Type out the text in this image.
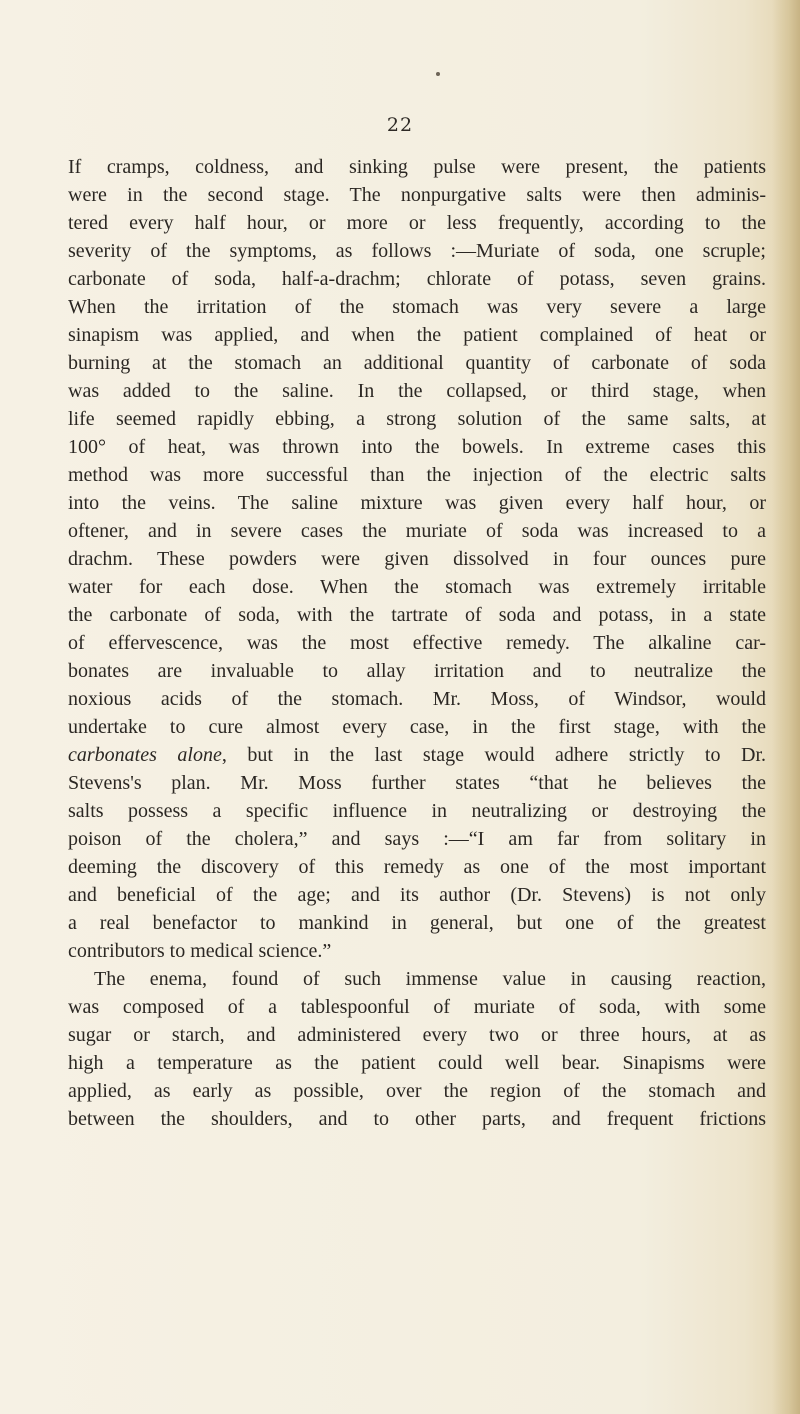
22
If cramps, coldness, and sinking pulse were present, the patients
were in the second stage. The nonpurgative salts were then adminis-
tered every half hour, or more or less frequently, according to the
severity of the symptoms, as follows :—Muriate of soda, one scruple;
carbonate of soda, half-a-drachm; chlorate of potass, seven grains.
When the irritation of the stomach was very severe a large
sinapism was applied, and when the patient complained of heat or
burning at the stomach an additional quantity of carbonate of soda
was added to the saline. In the collapsed, or third stage, when
life seemed rapidly ebbing, a strong solution of the same salts, at
100° of heat, was thrown into the bowels. In extreme cases this
method was more successful than the injection of the electric salts
into the veins. The saline mixture was given every half hour, or
oftener, and in severe cases the muriate of soda was increased to a
drachm. These powders were given dissolved in four ounces pure
water for each dose. When the stomach was extremely irritable
the carbonate of soda, with the tartrate of soda and potass, in a state
of effervescence, was the most effective remedy. The alkaline car-
bonates are invaluable to allay irritation and to neutralize the
noxious acids of the stomach. Mr. Moss, of Windsor, would
undertake to cure almost every case, in the first stage, with the
carbonates alone, but in the last stage would adhere strictly to Dr.
Stevens's plan. Mr. Moss further states “that he believes the
salts possess a specific influence in neutralizing or destroying the
poison of the cholera,” and says :—“I am far from solitary in
deeming the discovery of this remedy as one of the most important
and beneficial of the age; and its author (Dr. Stevens) is not only
a real benefactor to mankind in general, but one of the greatest
contributors to medical science.”
The enema, found of such immense value in causing reaction,
was composed of a tablespoonful of muriate of soda, with some
sugar or starch, and administered every two or three hours, at as
high a temperature as the patient could well bear. Sinapisms were
applied, as early as possible, over the region of the stomach and
between the shoulders, and to other parts, and frequent frictions
